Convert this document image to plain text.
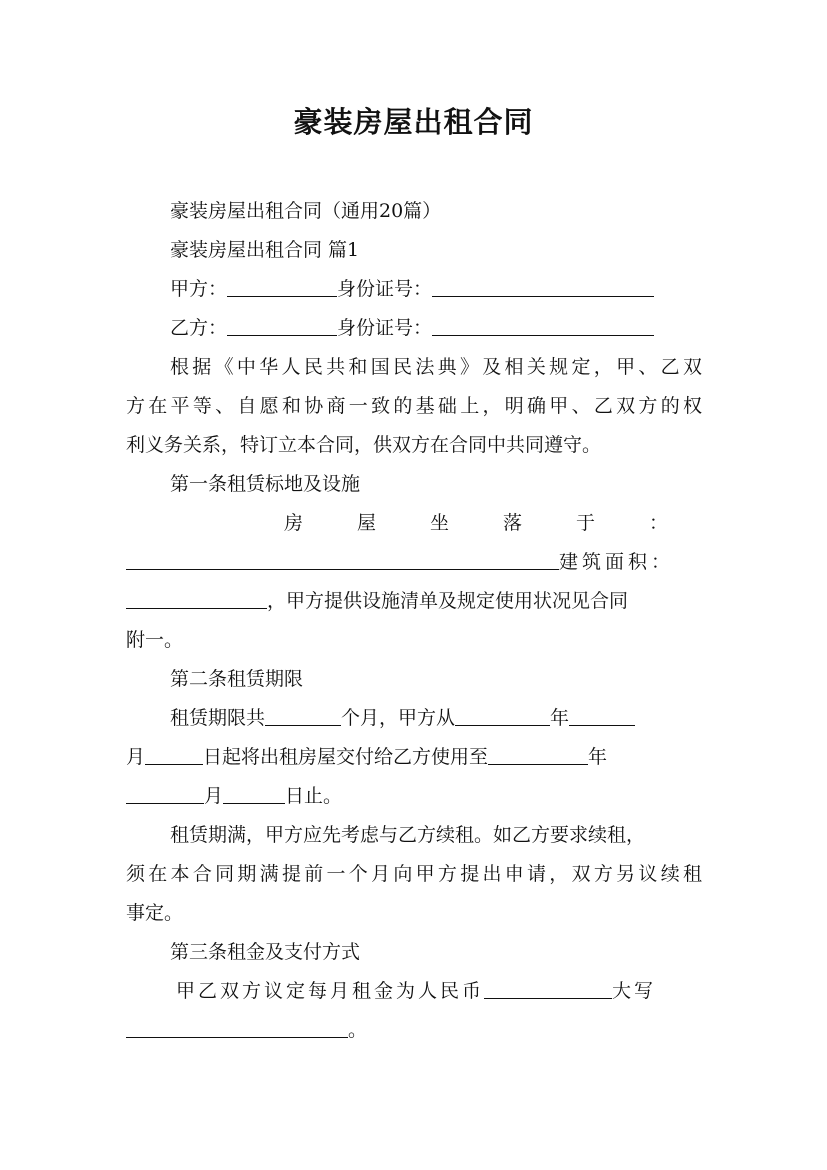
豪装房屋出租合同
豪装房屋出租合同（通用20篇）
豪装房屋出租合同 篇1
甲方：	身份证号：
乙方：	身份证号：
根据《中华人民共和国民法典》及相关规定，甲、乙双
方在平等、自愿和协商一致的基础上，明确甲、乙双方的权
利义务关系，特订立本合同，供双方在合同中共同遵守。
第一条租赁标地及设施
房屋坐落于：
建筑面积：
，甲方提供设施清单及规定使用状况见合同
附一。
第二条租赁期限
租赁期限共	个月，甲方从	年
月	日起将出租房屋交付给乙方使用至	年
月	日止。
租赁期满，甲方应先考虑与乙方续租。如乙方要求续租，
须在本合同期满提前一个月向甲方提出申请，双方另议续租
事定。
第三条租金及支付方式
甲乙双方议定每月租金为人民币	大写
。
